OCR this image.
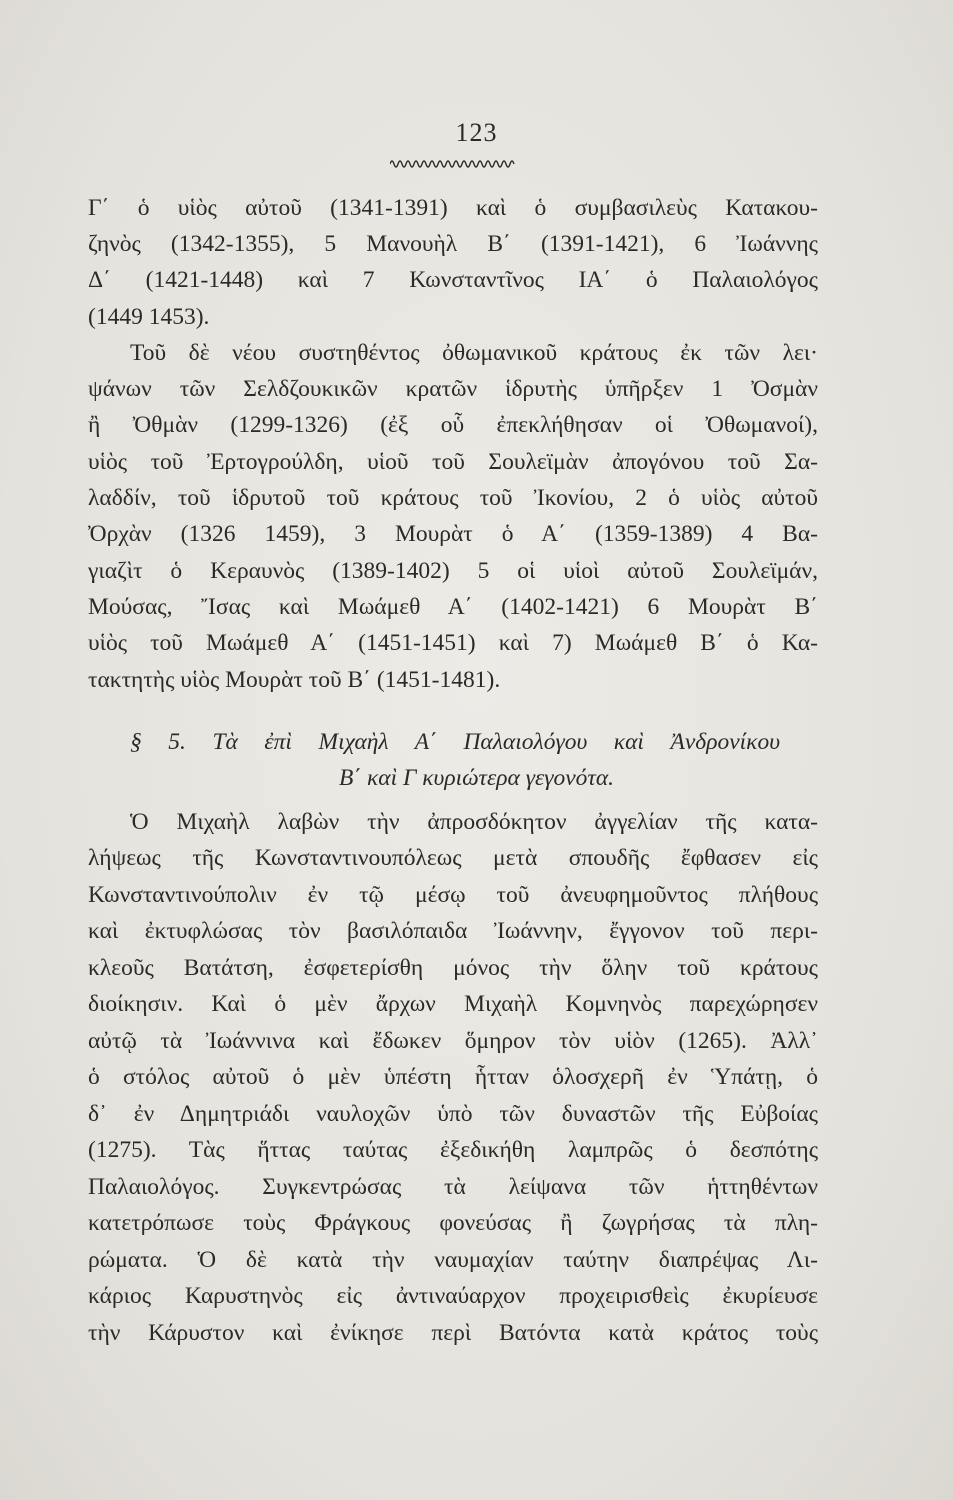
123
Γ΄ ὁ υἱὸς αὐτοῦ (1341-1391) καὶ ὁ συμβασιλεὺς Κατακου-
ζηνὸς (1342-1355), 5 Μανουὴλ Β΄ (1391-1421), 6 Ἰωάννης
Δ΄ (1421-1448) καὶ 7 Κωνσταντῖνος ΙΑ΄ ὁ Παλαιολόγος
(1449 1453).
Τοῦ δὲ νέου συστηθέντος ὀθωμανικοῦ κράτους ἐκ τῶν λει·
ψάνων τῶν Σελδζουκικῶν κρατῶν ἱδρυτὴς ὑπῆρξεν 1 Ὀσμὰν
ἢ Ὀθμὰν (1299-1326) (ἐξ οὗ ἐπεκλήθησαν οἱ Ὀθωμανοί),
υἱὸς τοῦ Ἐρτογρούλδη, υἱοῦ τοῦ Σουλεϊμὰν ἀπογόνου τοῦ Σα-
λαδδίν, τοῦ ἱδρυτοῦ τοῦ κράτους τοῦ Ἰκονίου, 2 ὁ υἱὸς αὐτοῦ
Ὀρχὰν (1326 1459), 3 Μουρὰτ ὁ Α΄ (1359-1389) 4 Βα-
γιαζὶτ ὁ Κεραυνὸς (1389-1402) 5 οἱ υἱοὶ αὐτοῦ Σουλεϊμάν,
Μούσας, Ἴσας καὶ Μωάμεθ Α΄ (1402-1421) 6 Μουρὰτ Β΄
υἱὸς τοῦ Μωάμεθ Α΄ (1451-1451) καὶ 7) Μωάμεθ Β΄ ὁ Κα-
τακτητὴς υἱὸς Μουρὰτ τοῦ Β΄ (1451-1481).
§ 5. Τὰ ἐπὶ Μιχαὴλ Α΄ Παλαιολόγου καὶ Ἀνδρονίκου
Β΄ καὶ Γ κυριώτερα γεγονότα.
Ὁ Μιχαὴλ λαβὼν τὴν ἀπροσδόκητον ἀγγελίαν τῆς κατα-
λήψεως τῆς Κωνσταντινουπόλεως μετὰ σπουδῆς ἔφθασεν εἰς
Κωνσταντινούπολιν ἐν τῷ μέσῳ τοῦ ἀνευφημοῦντος πλήθους
καὶ ἐκτυφλώσας τὸν βασιλόπαιδα Ἰωάννην, ἔγγονον τοῦ περι-
κλεοῦς Βατάτση, ἐσφετερίσθη μόνος τὴν ὅλην τοῦ κράτους
διοίκησιν. Καὶ ὁ μὲν ἄρχων Μιχαὴλ Κομνηνὸς παρεχώρησεν
αὐτῷ τὰ Ἰωάννινα καὶ ἔδωκεν ὅμηρον τὸν υἱὸν (1265). Ἀλλ᾽
ὁ στόλος αὐτοῦ ὁ μὲν ὑπέστη ἧτταν ὁλοσχερῆ ἐν Ὑπάτῃ, ὁ
δ᾽ ἐν Δημητριάδι ναυλοχῶν ὑπὸ τῶν δυναστῶν τῆς Εὐβοίας
(1275). Τὰς ἥττας ταύτας ἐξεδικήθη λαμπρῶς ὁ δεσπότης
Παλαιολόγος. Συγκεντρώσας τὰ λείψανα τῶν ἡττηθέντων
κατετρόπωσε τοὺς Φράγκους φονεύσας ἢ ζωγρήσας τὰ πλη-
ρώματα. Ὁ δὲ κατὰ τὴν ναυμαχίαν ταύτην διαπρέψας Λι-
κάριος Καρυστηνὸς εἰς ἀντιναύαρχον προχειρισθεὶς ἐκυρίευσε
τὴν Κάρυστον καὶ ἐνίκησε περὶ Βατόντα κατὰ κράτος τοὺς
